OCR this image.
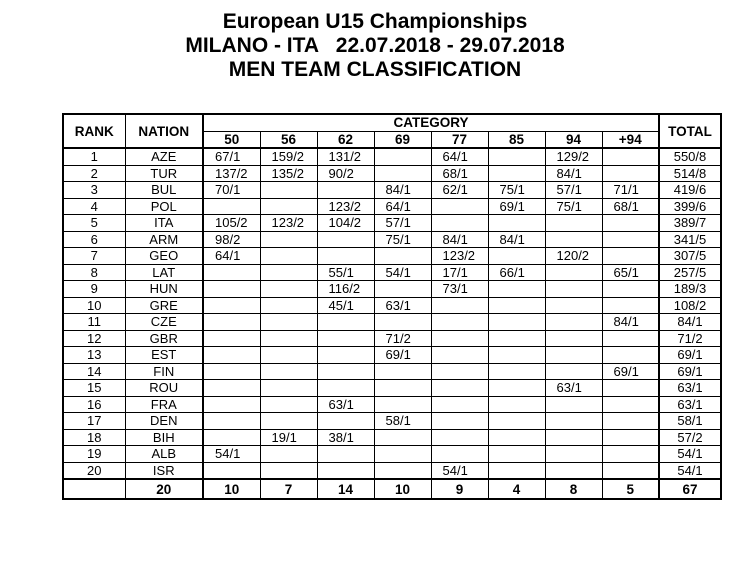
European U15 Championships
MILANO - ITA   22.07.2018 - 29.07.2018
MEN TEAM CLASSIFICATION
RANK	NATION	CATEGORY								TOTAL
		50	56	62	69	77	85	94	+94	
1	AZE	67/1	159/2	131/2		64/1		129/2		550/8
2	TUR	137/2	135/2	90/2		68/1		84/1		514/8
3	BUL	70/1			84/1	62/1	75/1	57/1	71/1	419/6
4	POL			123/2	64/1		69/1	75/1	68/1	399/6
5	ITA	105/2	123/2	104/2	57/1					389/7
6	ARM	98/2			75/1	84/1	84/1			341/5
7	GEO	64/1				123/2		120/2		307/5
8	LAT			55/1	54/1	17/1	66/1		65/1	257/5
9	HUN			116/2		73/1				189/3
10	GRE			45/1	63/1					108/2
11	CZE								84/1	84/1
12	GBR				71/2					71/2
13	EST				69/1					69/1
14	FIN								69/1	69/1
15	ROU							63/1		63/1
16	FRA			63/1						63/1
17	DEN				58/1					58/1
18	BIH		19/1	38/1						57/2
19	ALB	54/1								54/1
20	ISR					54/1				54/1
	20	10	7	14	10	9	4	8	5	67
